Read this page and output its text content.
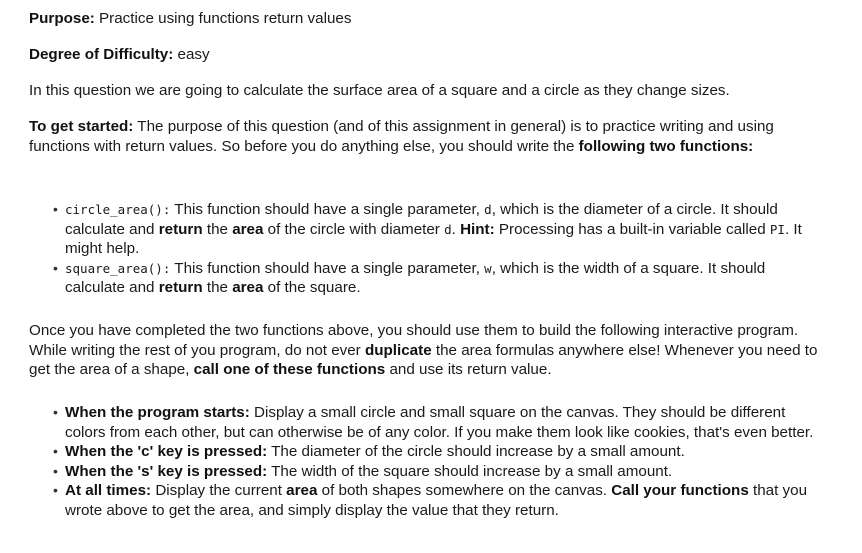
Purpose: Practice using functions return values
Degree of Difficulty: easy
In this question we are going to calculate the surface area of a square and a circle as they change sizes.
To get started: The purpose of this question (and of this assignment in general) is to practice writing and using functions with return values. So before you do anything else, you should write the following two functions:
• circle_area(): This function should have a single parameter, d, which is the diameter of a circle. It should calculate and return the area of the circle with diameter d. Hint: Processing has a built-in variable called PI. It might help.
• square_area(): This function should have a single parameter, w, which is the width of a square. It should calculate and return the area of the square.
Once you have completed the two functions above, you should use them to build the following interactive program. While writing the rest of you program, do not ever duplicate the area formulas anywhere else! Whenever you need to get the area of a shape, call one of these functions and use its return value.
• When the program starts: Display a small circle and small square on the canvas. They should be different colors from each other, but can otherwise be of any color. If you make them look like cookies, that's even better.
• When the 'c' key is pressed: The diameter of the circle should increase by a small amount.
• When the 's' key is pressed: The width of the square should increase by a small amount.
• At all times: Display the current area of both shapes somewhere on the canvas. Call your functions that you wrote above to get the area, and simply display the value that they return.
